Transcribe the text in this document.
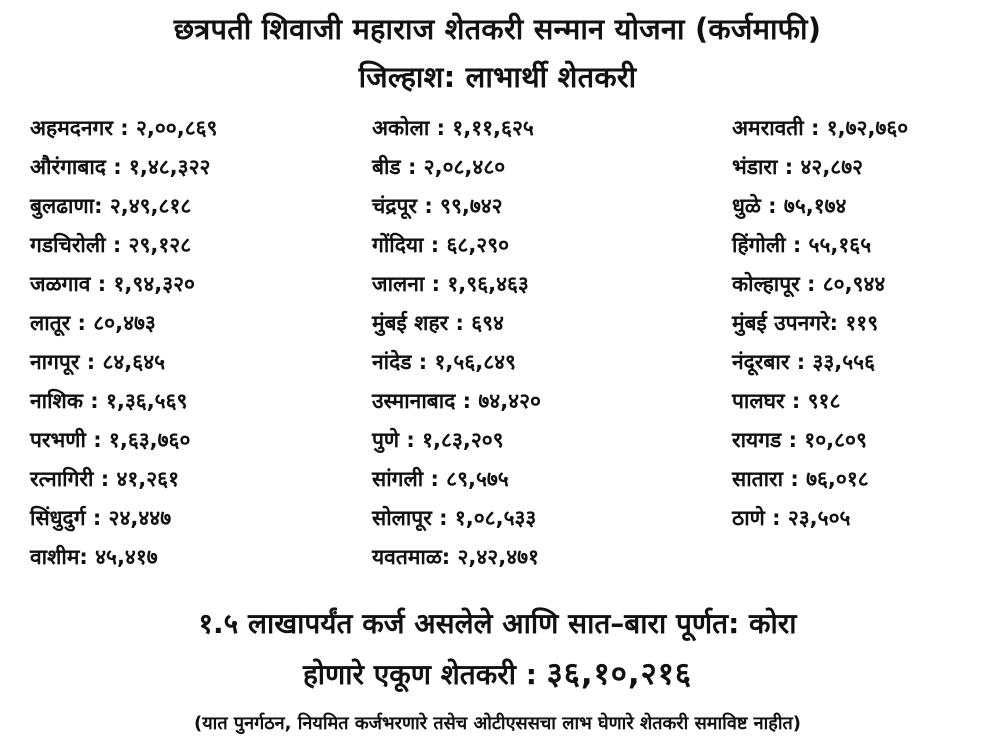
छत्रपती शिवाजी महाराज शेतकरी सन्मान योजना (कर्जमाफी)
जिल्हाश: लाभार्थी शेतकरी
अहमदनगर : २,००,८६९	अकोला : १,११,६२५	अमरावती : १,७२,७६०
औरंगाबाद : १,४८,३२२	बीड : २,०८,४८०	भंडारा : ४२,८७२
बुलढाणा: २,४९,८१८	चंद्रपूर : ९९,७४२	धुळे : ७५,१७४
गडचिरोली : २९,१२८	गोंदिया : ६८,२९०	हिंगोली : ५५,१६५
जळगाव : १,९४,३२०	जालना : १,९६,४६३	कोल्हापूर : ८०,९४४
लातूर : ८०,४७३	मुंबई शहर : ६९४	मुंबई उपनगरे: ११९
नागपूर : ८४,६४५	नांदेड : १,५६,८४९	नंदूरबार : ३३,५५६
नाशिक : १,३६,५६९	उस्मानाबाद : ७४,४२०	पालघर : ९१८
परभणी : १,६३,७६०	पुणे : १,८३,२०९	रायगड : १०,८०९
रत्नागिरी : ४१,२६१	सांगली : ८९,५७५	सातारा : ७६,०१८
सिंधुदुर्ग : २४,४४७	सोलापूर : १,०८,५३३	ठाणे : २३,५०५
वाशीम: ४५,४१७	यवतमाळ: २,४२,४७१
१.५ लाखापर्यंत कर्ज असलेले आणि सात–बारा पूर्णत: कोरा
होणारे एकूण शेतकरी : ३६,१०,२१६
(यात पुनर्गठन, नियमित कर्जभरणारे तसेच ओटीएससचा लाभ घेणारे शेतकरी समाविष्ट नाहीत)
